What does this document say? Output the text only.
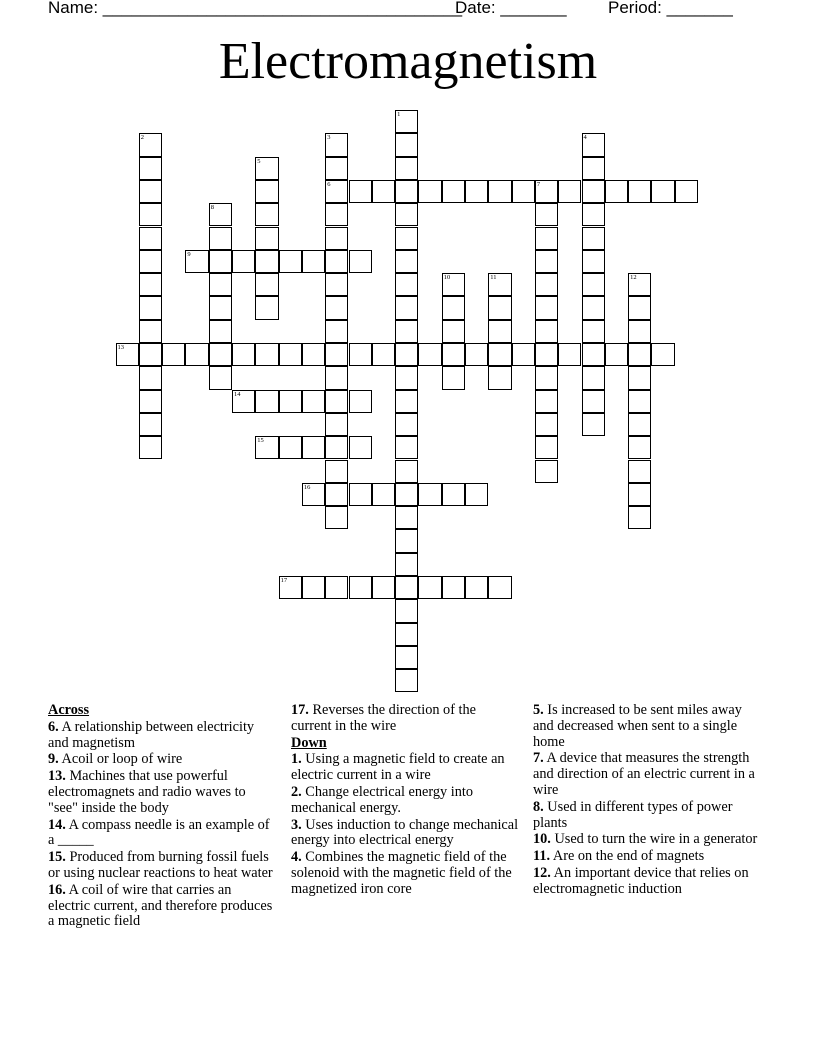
Name: ______________________________________
Date: _______ Period: _______
Electromagnetism
1
2	3
6
4
5
7
8
9
10	11	12
13
14
15
16
17
Across
6. A relationship between electricity and magnetism
9. Acoil or loop of wire
13. Machines that use powerful electromagnets and radio waves to "see" inside the body
14. A compass needle is an example of a _____
15. Produced from burning fossil fuels or using nuclear reactions to heat water
16. A coil of wire that carries an electric current, and therefore produces a magnetic field
17. Reverses the direction of the current in the wire
Down
1. Using a magnetic field to create an electric current in a wire
2. Change electrical energy into mechanical energy.
3. Uses induction to change mechanical energy into electrical energy
4. Combines the magnetic field of the solenoid with the magnetic field of the magnetized iron core
5. Is increased to be sent miles away and decreased when sent to a single home
7. A device that measures the strength and direction of an electric current in a wire
8. Used in different types of power plants
10. Used to turn the wire in a generator
11. Are on the end of magnets
12. An important device that relies on electromagnetic induction
